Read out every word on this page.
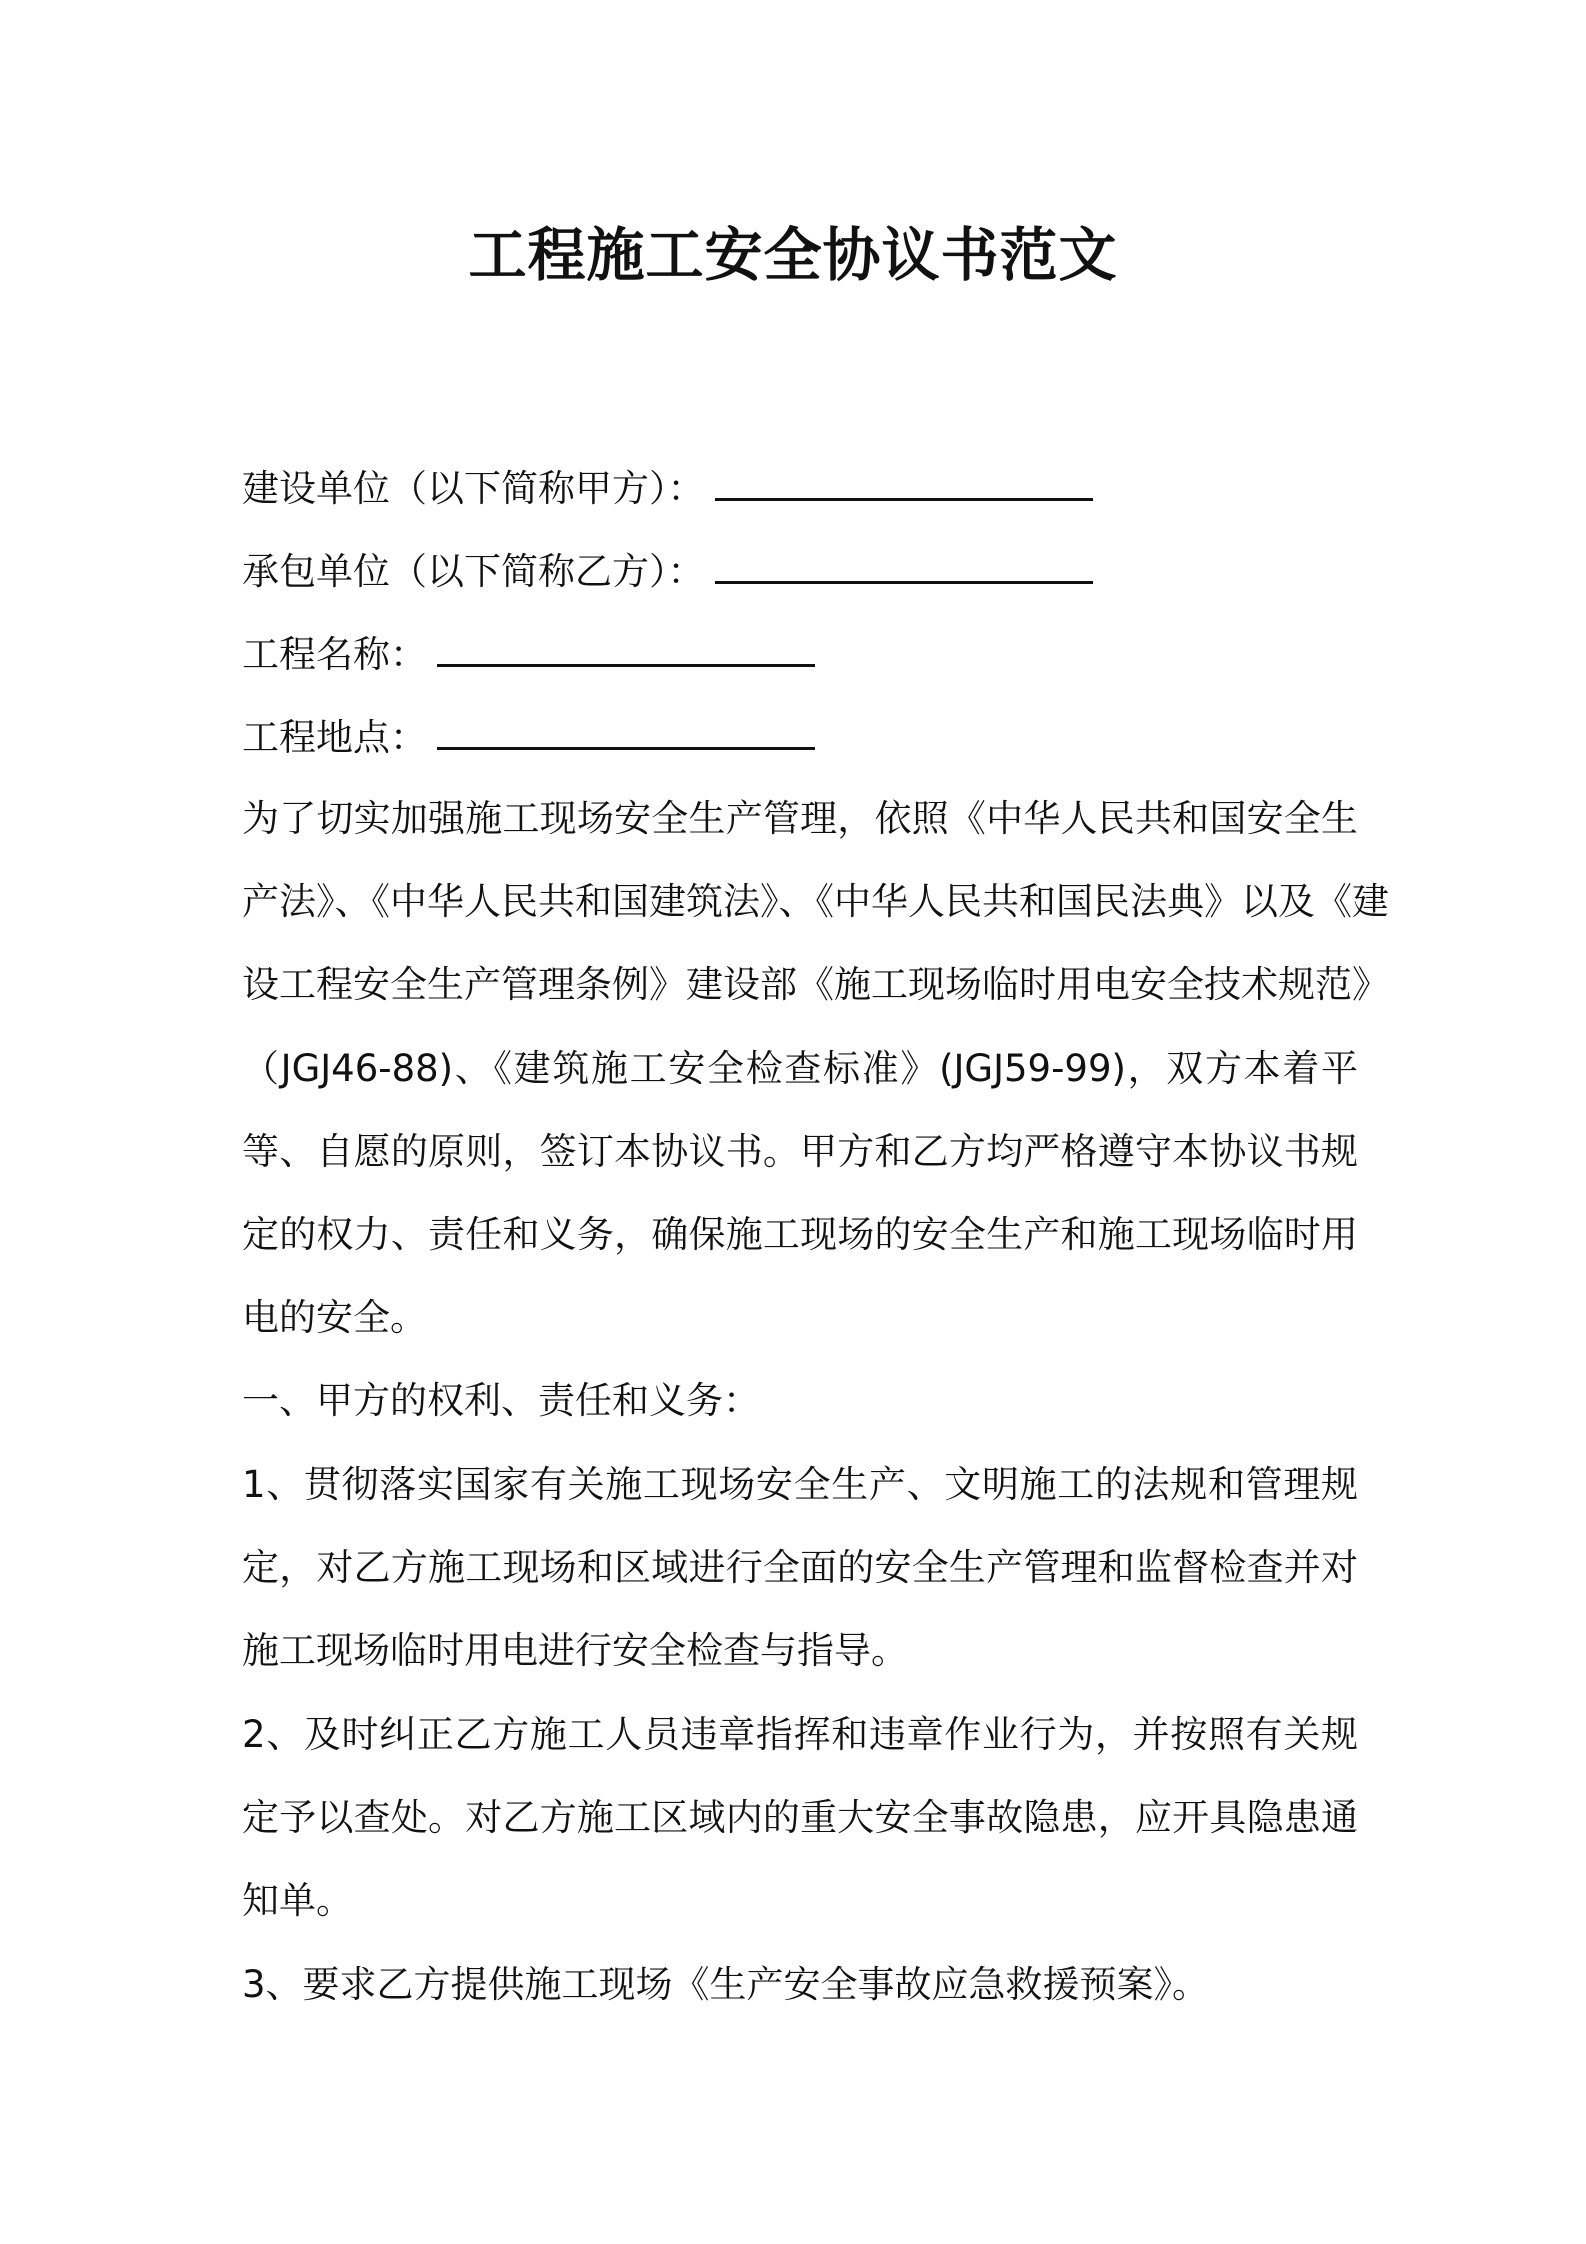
工程施工安全协议书范文
建设单位（以下简称甲方）：
承包单位（以下简称乙方）：
工程名称：
工程地点：
为了切实加强施工现场安全生产管理，依照《中华人民共和国安全生
产法》、《中华人民共和国建筑法》、《中华人民共和国民法典》以及《建
设工程安全生产管理条例》建设部《施工现场临时用电安全技术规范》
（JGJ46-88)、《建筑施工安全检查标准》(JGJ59-99)，双方本着平
等、自愿的原则，签订本协议书。甲方和乙方均严格遵守本协议书规
定的权力、责任和义务，确保施工现场的安全生产和施工现场临时用
电的安全。
一、甲方的权利、责任和义务：
1、贯彻落实国家有关施工现场安全生产、文明施工的法规和管理规
定，对乙方施工现场和区域进行全面的安全生产管理和监督检查并对
施工现场临时用电进行安全检查与指导。
2、及时纠正乙方施工人员违章指挥和违章作业行为，并按照有关规
定予以查处。对乙方施工区域内的重大安全事故隐患，应开具隐患通
知单。
3、要求乙方提供施工现场《生产安全事故应急救援预案》。
